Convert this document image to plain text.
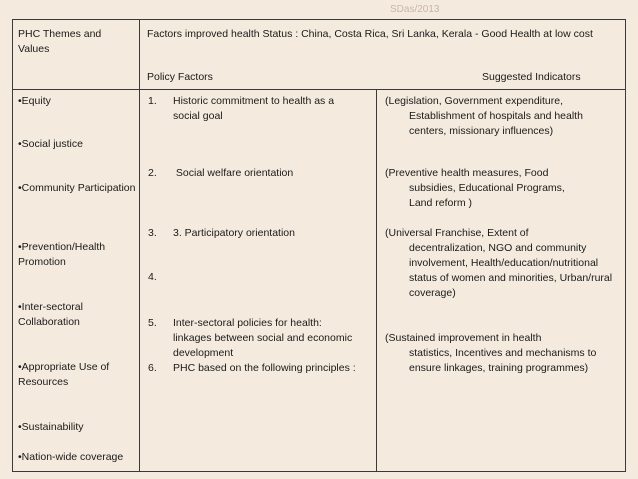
SDas/2013
PHC Themes and Values
Factors improved health Status : China, Costa Rica, Sri Lanka, Kerala - Good Health at low cost
Policy Factors	Suggested Indicators
•Equity
•Social justice
•Community Participation
•Prevention/Health Promotion
•Inter-sectoral Collaboration
•Appropriate Use of Resources
•Sustainability
•Nation-wide coverage
1. Historic commitment to health as a social goal
2. Social welfare orientation
3. 3. Participatory orientation
4.
5. Inter-sectoral policies for health: linkages between social and economic development
6. PHC based on the following principles :
(Legislation, Government expenditure,
Establishment of hospitals and health centers, missionary influences)
(Preventive health measures, Food
subsidies, Educational Programs, Land reform )
(Universal Franchise, Extent of
decentralization, NGO and community involvement, Health/education/nutritional status of women and minorities, Urban/rural coverage)
(Sustained improvement in health
statistics, Incentives and mechanisms to ensure linkages, training programmes)
